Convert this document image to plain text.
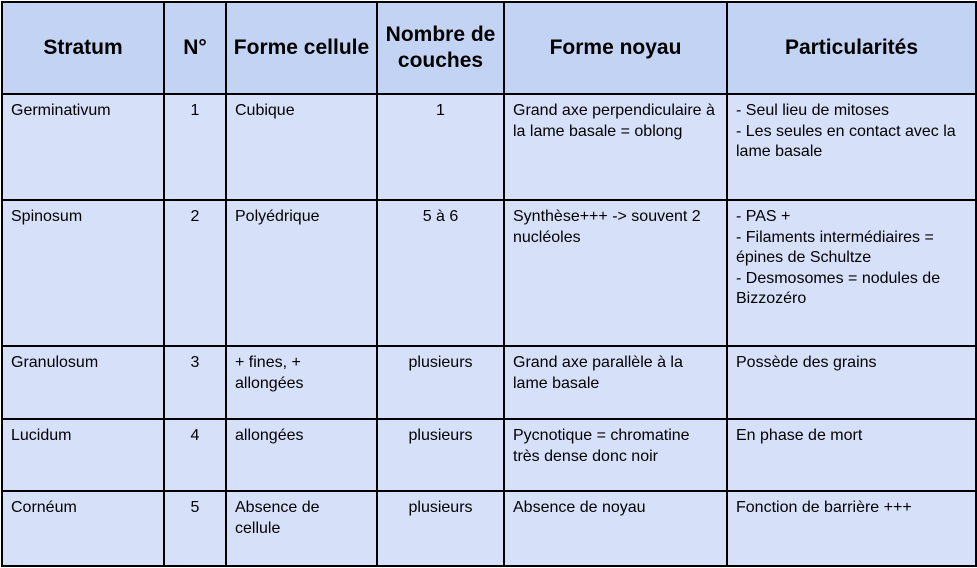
Stratum	N°	Forme cellule	Nombre de couches	Forme noyau	Particularités
Germinativum	1	Cubique	1	Grand axe perpendiculaire à la lame basale = oblong	- Seul lieu de mitoses
- Les seules en contact avec la lame basale
Spinosum	2	Polyédrique	5 à 6	Synthèse+++ -> souvent 2 nucléoles	- PAS +
- Filaments intermédiaires = épines de Schultze
- Desmosomes = nodules de Bizzozéro
Granulosum	3	+ fines, + allongées	plusieurs	Grand axe parallèle à la lame basale	Possède des grains
Lucidum	4	allongées	plusieurs	Pycnotique = chromatine très dense donc noir	En phase de mort
Cornéum	5	Absence de cellule	plusieurs	Absence de noyau	Fonction de barrière +++
